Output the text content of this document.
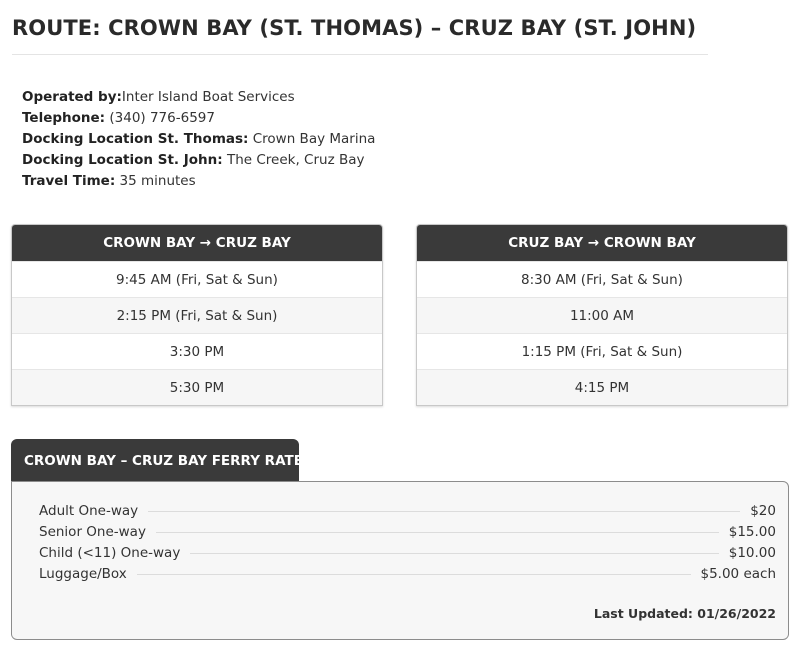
ROUTE: CROWN BAY (ST. THOMAS) – CRUZ BAY (ST. JOHN)
Operated by:Inter Island Boat Services
Telephone: (340) 776-6597
Docking Location St. Thomas: Crown Bay Marina
Docking Location St. John: The Creek, Cruz Bay
Travel Time: 35 minutes
CROWN BAY → CRUZ BAY
9:45 AM (Fri, Sat & Sun)
2:15 PM (Fri, Sat & Sun)
3:30 PM
5:30 PM
CRUZ BAY → CROWN BAY
8:30 AM (Fri, Sat & Sun)
11:00 AM
1:15 PM (Fri, Sat & Sun)
4:15 PM
CROWN BAY – CRUZ BAY FERRY RATES
Adult One-way	$20
Senior One-way	$15.00
Child (<11) One-way	$10.00
Luggage/Box	$5.00 each
Last Updated: 01/26/2022
